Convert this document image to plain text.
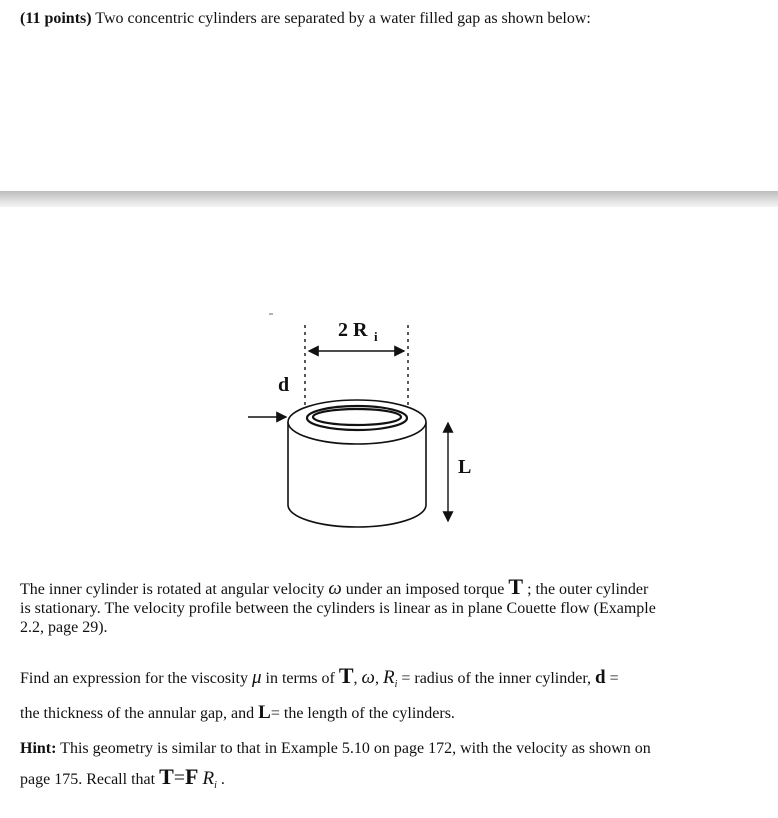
(11 points) Two concentric cylinders are separated by a water filled gap as shown below:
2 R i
d
L
The inner cylinder is rotated at angular velocity ω under an imposed torque T ; the outer cylinder
is stationary. The velocity profile between the cylinders is linear as in plane Couette flow (Example
2.2, page 29).
Find an expression for the viscosity μ in terms of T, ω, $R_i$ = radius of the inner cylinder, d =
the thickness of the annular gap, and L= the length of the cylinders.
Hint: This geometry is similar to that in Example 5.10 on page 172, with the velocity as shown on
page 175. Recall that T=F $R_i$ .
